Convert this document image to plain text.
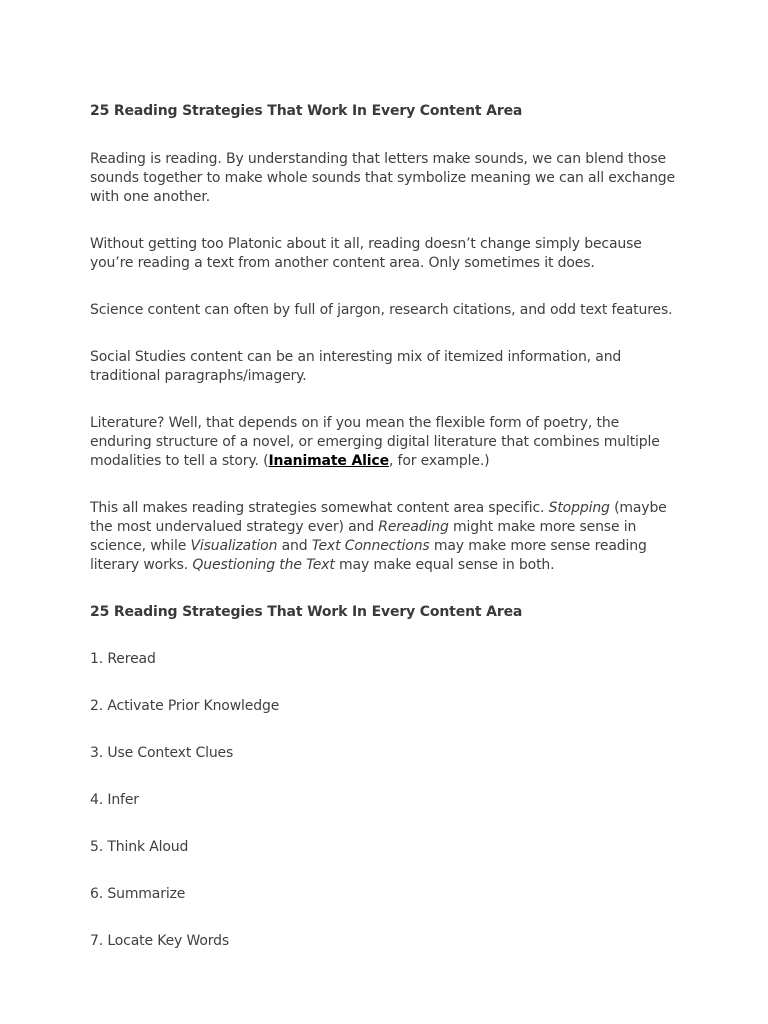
25 Reading Strategies That Work In Every Content Area

Reading is reading. By understanding that letters make sounds, we can blend those sounds together to make whole sounds that symbolize meaning we can all exchange with one another.

Without getting too Platonic about it all, reading doesn’t change simply because you’re reading a text from another content area. Only sometimes it does.

Science content can often by full of jargon, research citations, and odd text features.

Social Studies content can be an interesting mix of itemized information, and traditional paragraphs/imagery.

Literature? Well, that depends on if you mean the flexible form of poetry, the enduring structure of a novel, or emerging digital literature that combines multiple modalities to tell a story. (Inanimate Alice, for example.)

This all makes reading strategies somewhat content area specific. Stopping (maybe the most undervalued strategy ever) and Rereading might make more sense in science, while Visualization and Text Connections may make more sense reading literary works. Questioning the Text may make equal sense in both.

25 Reading Strategies That Work In Every Content Area

1. Reread

2. Activate Prior Knowledge

3. Use Context Clues

4. Infer

5. Think Aloud

6. Summarize

7. Locate Key Words
